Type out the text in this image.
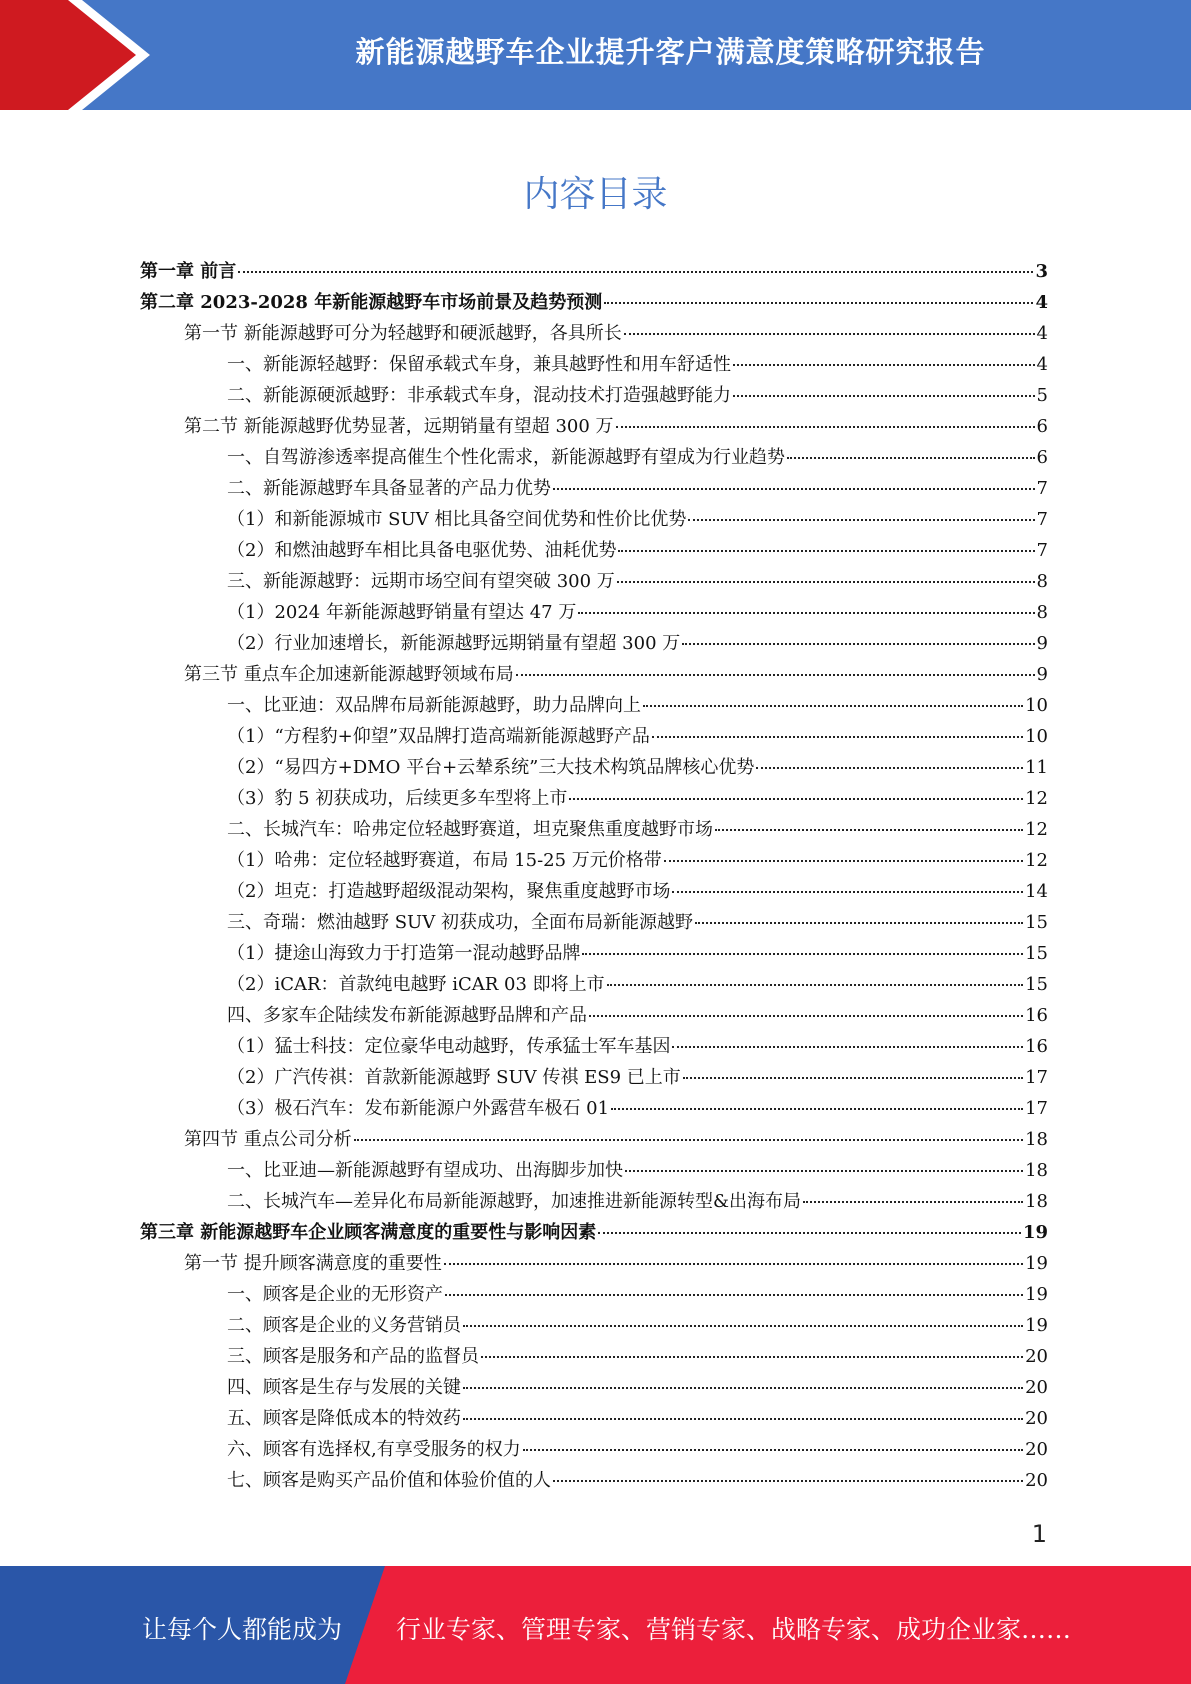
新能源越野车企业提升客户满意度策略研究报告
内容目录
第一章 前言	3
第二章 2023-2028 年新能源越野车市场前景及趋势预测	4
第一节 新能源越野可分为轻越野和硬派越野，各具所长	4
一、新能源轻越野：保留承载式车身，兼具越野性和用车舒适性	4
二、新能源硬派越野：非承载式车身，混动技术打造强越野能力	5
第二节 新能源越野优势显著，远期销量有望超 300 万	6
一、自驾游渗透率提高催生个性化需求，新能源越野有望成为行业趋势	6
二、新能源越野车具备显著的产品力优势	7
（1）和新能源城市 SUV 相比具备空间优势和性价比优势	7
（2）和燃油越野车相比具备电驱优势、油耗优势	7
三、新能源越野：远期市场空间有望突破 300 万	8
（1）2024 年新能源越野销量有望达 47 万	8
（2）行业加速增长，新能源越野远期销量有望超 300 万	9
第三节 重点车企加速新能源越野领域布局	9
一、比亚迪：双品牌布局新能源越野，助力品牌向上	10
（1）“方程豹+仰望”双品牌打造高端新能源越野产品	10
（2）“易四方+DMO 平台+云辇系统”三大技术构筑品牌核心优势	11
（3）豹 5 初获成功，后续更多车型将上市	12
二、长城汽车：哈弗定位轻越野赛道，坦克聚焦重度越野市场	12
（1）哈弗：定位轻越野赛道，布局 15-25 万元价格带	12
（2）坦克：打造越野超级混动架构，聚焦重度越野市场	14
三、奇瑞：燃油越野 SUV 初获成功，全面布局新能源越野	15
（1）捷途山海致力于打造第一混动越野品牌	15
（2）iCAR：首款纯电越野 iCAR 03 即将上市	15
四、多家车企陆续发布新能源越野品牌和产品	16
（1）猛士科技：定位豪华电动越野，传承猛士军车基因	16
（2）广汽传祺：首款新能源越野 SUV 传祺 ES9 已上市	17
（3）极石汽车：发布新能源户外露营车极石 01	17
第四节 重点公司分析	18
一、比亚迪—新能源越野有望成功、出海脚步加快	18
二、长城汽车—差异化布局新能源越野，加速推进新能源转型&出海布局	18
第三章 新能源越野车企业顾客满意度的重要性与影响因素	19
第一节 提升顾客满意度的重要性	19
一、顾客是企业的无形资产	19
二、顾客是企业的义务营销员	19
三、顾客是服务和产品的监督员	20
四、顾客是生存与发展的关键	20
五、顾客是降低成本的特效药	20
六、顾客有选择权,有享受服务的权力	20
七、顾客是购买产品价值和体验价值的人	20
1
让每个人都能成为 行业专家、管理专家、营销专家、战略专家、成功企业家……
